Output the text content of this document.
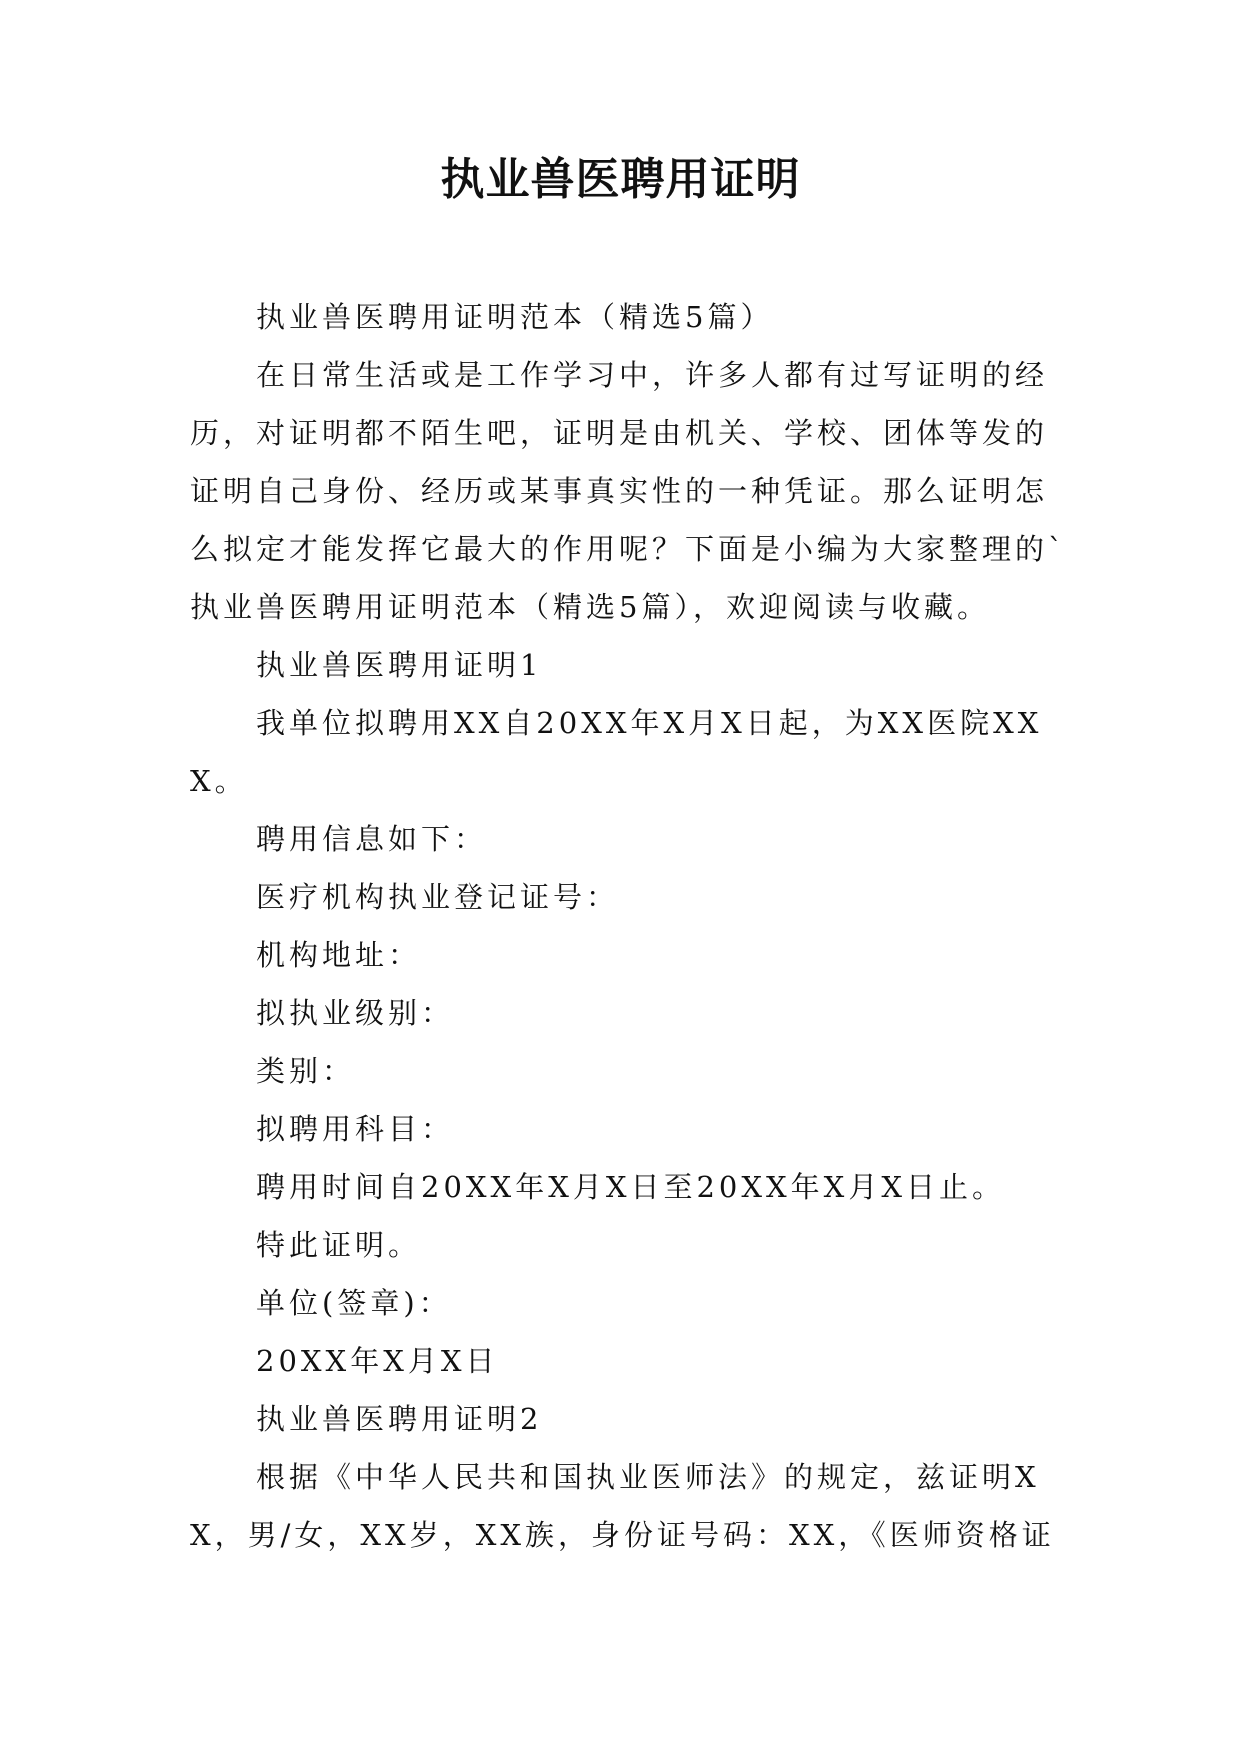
执业兽医聘用证明

执业兽医聘用证明范本（精选5篇）

在日常生活或是工作学习中，许多人都有过写证明的经历，对证明都不陌生吧，证明是由机关、学校、团体等发的证明自己身份、经历或某事真实性的一种凭证。那么证明怎么拟定才能发挥它最大的作用呢？下面是小编为大家整理的`执业兽医聘用证明范本（精选5篇），欢迎阅读与收藏。

执业兽医聘用证明1

我单位拟聘用XX自20XX年X月X日起，为XX医院XXX。

聘用信息如下：

医疗机构执业登记证号：

机构地址：

拟执业级别：

类别：

拟聘用科目：

聘用时间自20XX年X月X日至20XX年X月X日止。

特此证明。

单位(签章)：

20XX年X月X日

执业兽医聘用证明2

根据《中华人民共和国执业医师法》的规定，兹证明XX，男/女，XX岁，XX族，身份证号码：XX，《医师资格证
